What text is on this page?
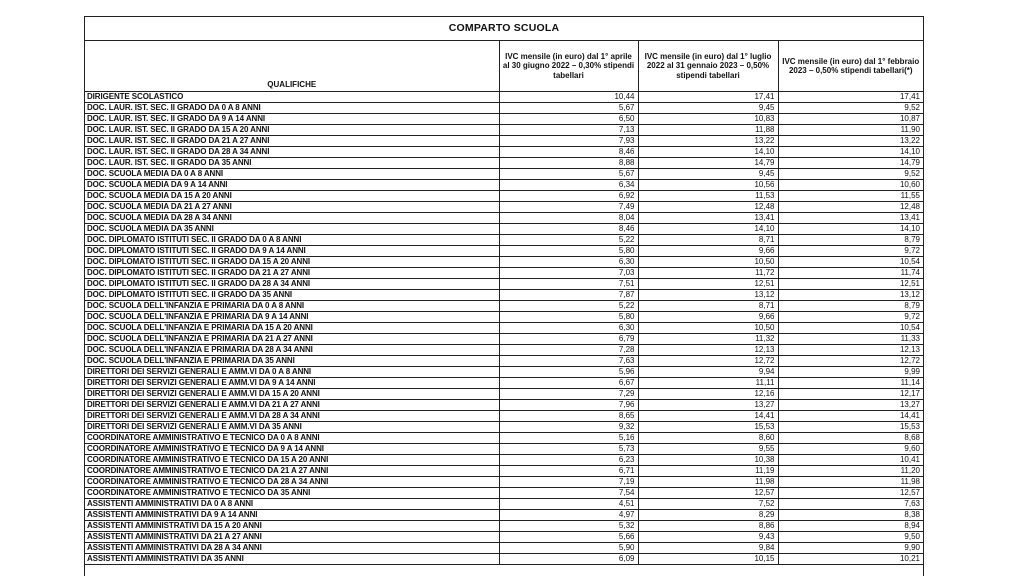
COMPARTO SCUOLA
QUALIFICHE	IVC mensile (in euro) dal 1° aprile al 30 giugno 2022 – 0,30% stipendi tabellari	IVC mensile (in euro) dal 1° luglio 2022 al 31 gennaio 2023 – 0,50% stipendi tabellari	IVC mensile (in euro) dal 1° febbraio 2023 – 0,50% stipendi tabellari(*)
DIRIGENTE SCOLASTICO	10,44	17,41	17,41
DOC. LAUR. IST. SEC. II GRADO DA 0 A 8 ANNI	5,67	9,45	9,52
DOC. LAUR. IST. SEC. II GRADO DA 9 A 14 ANNI	6,50	10,83	10,87
DOC. LAUR. IST. SEC. II GRADO DA 15 A 20 ANNI	7,13	11,88	11,90
DOC. LAUR. IST. SEC. II GRADO DA 21 A 27 ANNI	7,93	13,22	13,22
DOC. LAUR. IST. SEC. II GRADO DA 28 A 34 ANNI	8,46	14,10	14,10
DOC. LAUR. IST. SEC. II GRADO DA 35 ANNI	8,88	14,79	14,79
DOC. SCUOLA MEDIA DA 0 A 8 ANNI	5,67	9,45	9,52
DOC. SCUOLA MEDIA DA 9 A 14 ANNI	6,34	10,56	10,60
DOC. SCUOLA MEDIA DA 15 A 20 ANNI	6,92	11,53	11,55
DOC. SCUOLA MEDIA DA 21 A 27 ANNI	7,49	12,48	12,48
DOC. SCUOLA MEDIA DA 28 A 34 ANNI	8,04	13,41	13,41
DOC. SCUOLA MEDIA DA 35 ANNI	8,46	14,10	14,10
DOC. DIPLOMATO ISTITUTI SEC. II GRADO DA 0 A 8 ANNI	5,22	8,71	8,79
DOC. DIPLOMATO ISTITUTI SEC. II GRADO DA 9 A 14 ANNI	5,80	9,66	9,72
DOC. DIPLOMATO ISTITUTI SEC. II GRADO DA 15 A 20 ANNI	6,30	10,50	10,54
DOC. DIPLOMATO ISTITUTI SEC. II GRADO DA 21 A 27 ANNI	7,03	11,72	11,74
DOC. DIPLOMATO ISTITUTI SEC. II GRADO DA 28 A 34 ANNI	7,51	12,51	12,51
DOC. DIPLOMATO ISTITUTI SEC. II GRADO DA 35 ANNI	7,87	13,12	13,12
DOC. SCUOLA DELL'INFANZIA E PRIMARIA DA 0 A 8 ANNI	5,22	8,71	8,79
DOC. SCUOLA DELL'INFANZIA E PRIMARIA DA 9 A 14 ANNI	5,80	9,66	9,72
DOC. SCUOLA DELL'INFANZIA E PRIMARIA DA 15 A 20 ANNI	6,30	10,50	10,54
DOC. SCUOLA DELL'INFANZIA E PRIMARIA DA 21 A 27 ANNI	6,79	11,32	11,33
DOC. SCUOLA DELL'INFANZIA E PRIMARIA DA 28 A 34 ANNI	7,28	12,13	12,13
DOC. SCUOLA DELL'INFANZIA E PRIMARIA DA 35 ANNI	7,63	12,72	12,72
DIRETTORI DEI SERVIZI GENERALI E AMM.VI DA 0 A 8 ANNI	5,96	9,94	9,99
DIRETTORI DEI SERVIZI GENERALI E AMM.VI DA 9 A 14 ANNI	6,67	11,11	11,14
DIRETTORI DEI SERVIZI GENERALI E AMM.VI DA 15 A 20 ANNI	7,29	12,16	12,17
DIRETTORI DEI SERVIZI GENERALI E AMM.VI DA 21 A 27 ANNI	7,96	13,27	13,27
DIRETTORI DEI SERVIZI GENERALI E AMM.VI DA 28 A 34 ANNI	8,65	14,41	14,41
DIRETTORI DEI SERVIZI GENERALI E AMM.VI DA 35 ANNI	9,32	15,53	15,53
COORDINATORE AMMINISTRATIVO E TECNICO DA 0 A 8 ANNI	5,16	8,60	8,68
COORDINATORE AMMINISTRATIVO E TECNICO DA 9 A 14 ANNI	5,73	9,55	9,60
COORDINATORE AMMINISTRATIVO E TECNICO DA 15 A 20 ANNI	6,23	10,38	10,41
COORDINATORE AMMINISTRATIVO E TECNICO DA 21 A 27 ANNI	6,71	11,19	11,20
COORDINATORE AMMINISTRATIVO E TECNICO DA 28 A 34 ANNI	7,19	11,98	11,98
COORDINATORE AMMINISTRATIVO E TECNICO DA 35 ANNI	7,54	12,57	12,57
ASSISTENTI AMMINISTRATIVI DA 0 A 8 ANNI	4,51	7,52	7,63
ASSISTENTI AMMINISTRATIVI DA 9 A 14 ANNI	4,97	8,29	8,38
ASSISTENTI AMMINISTRATIVI DA 15 A 20 ANNI	5,32	8,86	8,94
ASSISTENTI AMMINISTRATIVI DA 21 A 27 ANNI	5,66	9,43	9,50
ASSISTENTI AMMINISTRATIVI DA 28 A 34 ANNI	5,90	9,84	9,90
ASSISTENTI AMMINISTRATIVI DA 35 ANNI	6,09	10,15	10,21
